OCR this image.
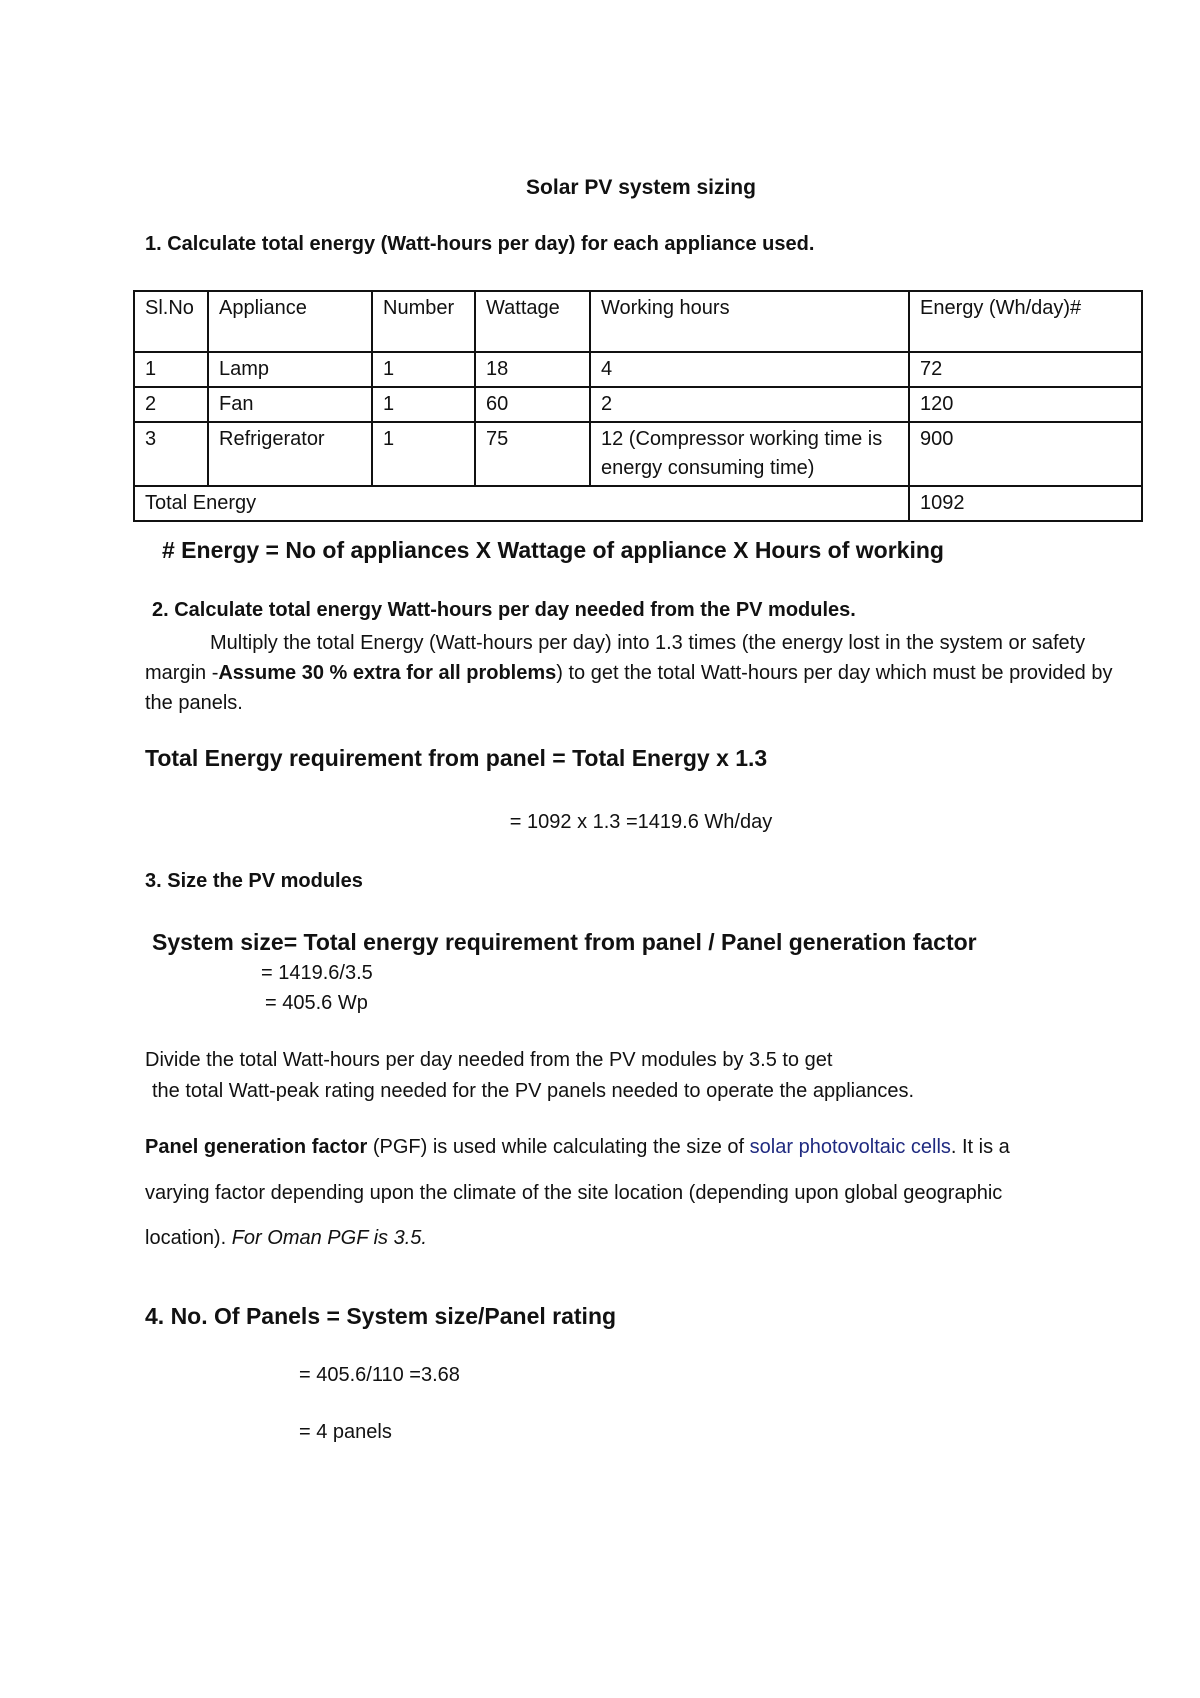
Solar PV system sizing

1. Calculate total energy (Watt-hours per day) for each appliance used.

Sl.No	Appliance	Number	Wattage	Working hours	Energy (Wh/day)#
1	Lamp	1	18	4	72
2	Fan	1	60	2	120
3	Refrigerator	1	75	12 (Compressor working time is energy consuming time)	900
Total Energy					1092

# Energy = No of appliances X Wattage of appliance X Hours of working

2. Calculate total energy Watt-hours per day needed from the PV modules.

Multiply the total Energy (Watt-hours per day) into 1.3 times (the energy lost in the system or safety margin -Assume 30 % extra for all problems) to get the total Watt-hours per day which must be provided by the panels.

Total Energy requirement from panel = Total Energy x 1.3

= 1092 x 1.3 =1419.6 Wh/day

3. Size the PV modules

System size= Total energy requirement from panel / Panel generation factor

= 1419.6/3.5

= 405.6 Wp

Divide the total Watt-hours per day needed from the PV modules by 3.5 to get

the total Watt-peak rating needed for the PV panels needed to operate the appliances.

Panel generation factor (PGF) is used while calculating the size of solar photovoltaic cells. It is a

varying factor depending upon the climate of the site location (depending upon global geographic

location). For Oman PGF is 3.5.

4. No. Of Panels = System size/Panel rating

= 405.6/110 =3.68

= 4 panels
